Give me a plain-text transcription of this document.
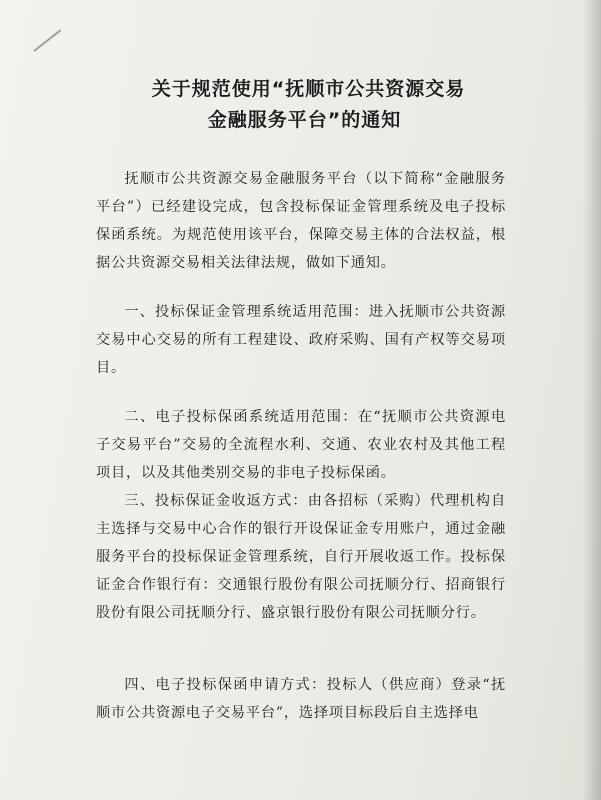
关于规范使用“抚顺市公共资源交易
金融服务平台”的通知
抚顺市公共资源交易金融服务平台（以下简称“金融服务平台”）已经建设完成，包含投标保证金管理系统及电子投标保函系统。为规范使用该平台，保障交易主体的合法权益，根据公共资源交易相关法律法规，做如下通知。
一、投标保证金管理系统适用范围：进入抚顺市公共资源交易中心交易的所有工程建设、政府采购、国有产权等交易项目。
二、电子投标保函系统适用范围：在“抚顺市公共资源电子交易平台”交易的全流程水利、交通、农业农村及其他工程项目，以及其他类别交易的非电子投标保函。
三、投标保证金收返方式：由各招标（采购）代理机构自主选择与交易中心合作的银行开设保证金专用账户，通过金融服务平台的投标保证金管理系统，自行开展收返工作。投标保证金合作银行有：交通银行股份有限公司抚顺分行、招商银行股份有限公司抚顺分行、盛京银行股份有限公司抚顺分行。
四、电子投标保函申请方式：投标人（供应商）登录“抚顺市公共资源电子交易平台”，选择项目标段后自主选择电
